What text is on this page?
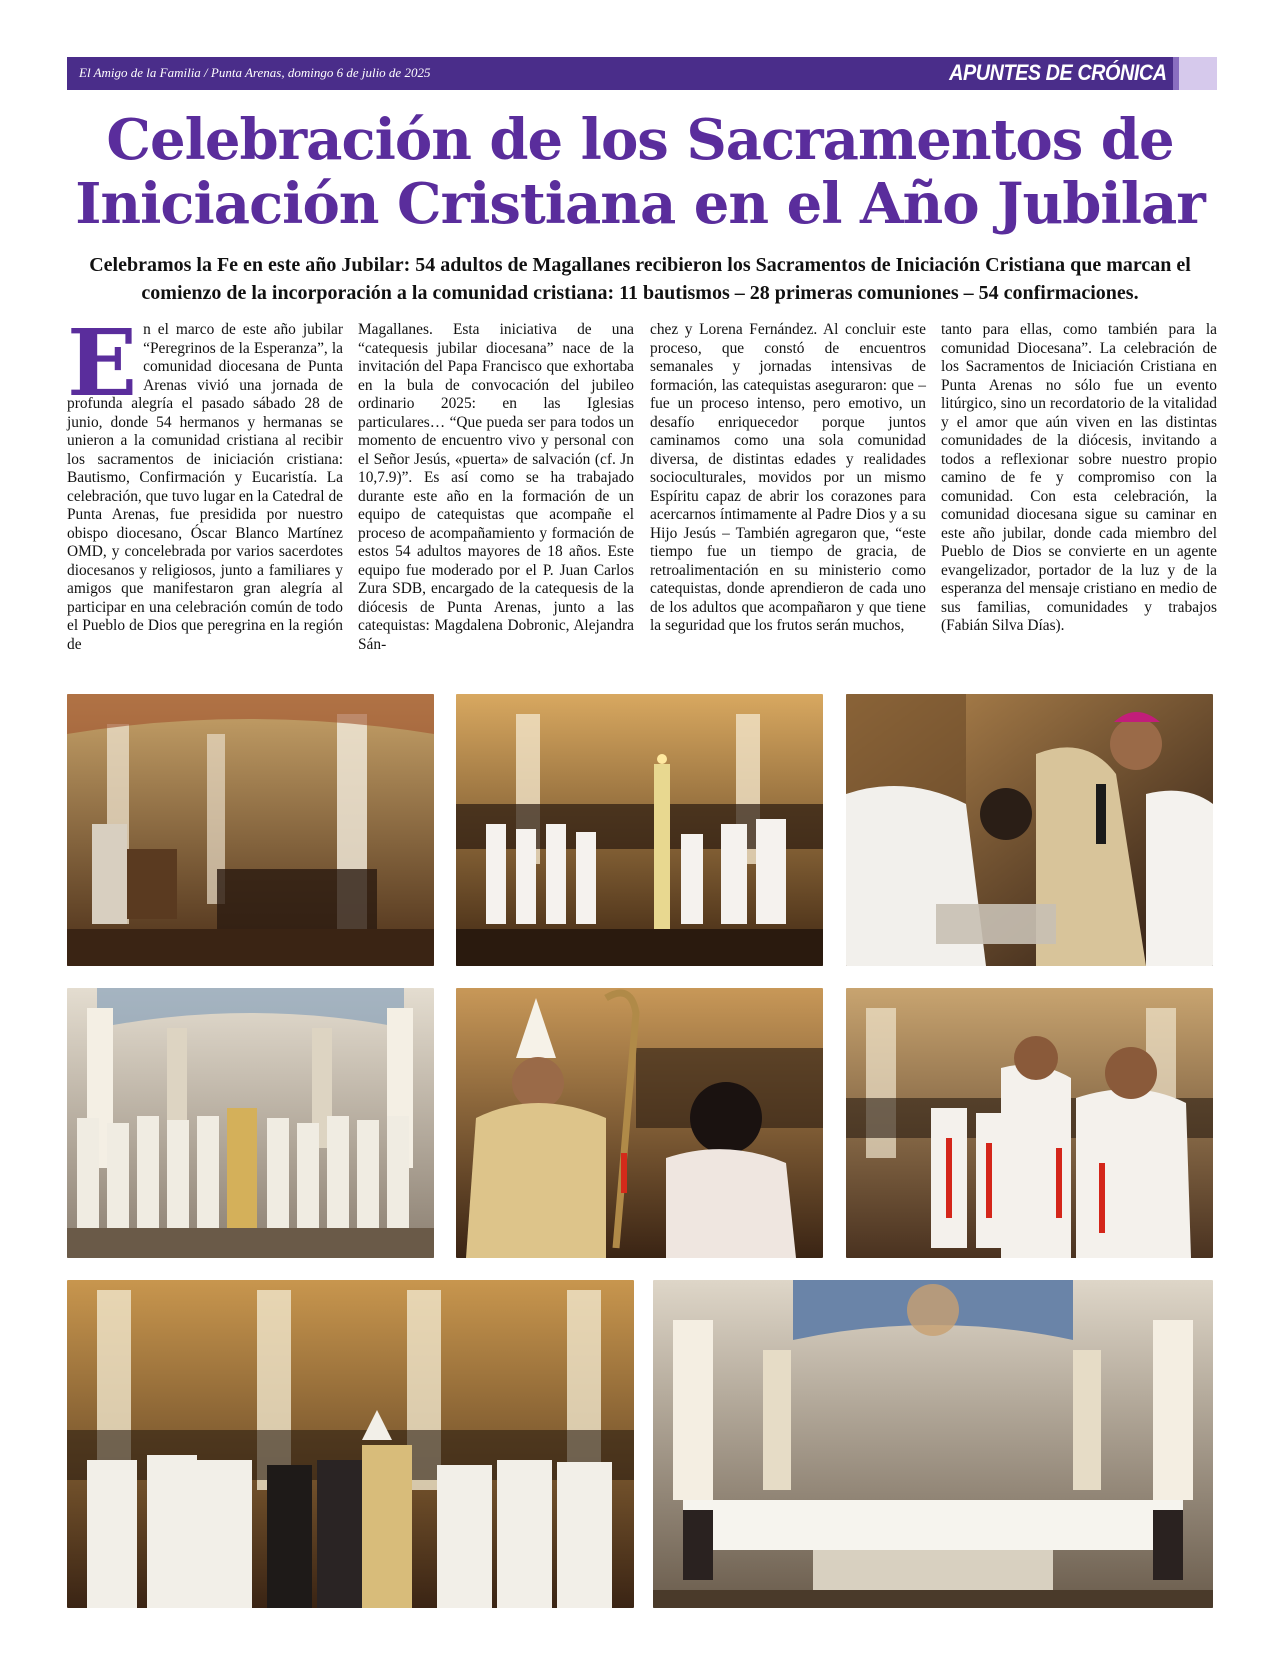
El Amigo de la Familia / Punta Arenas, domingo 6 de julio de 2025	APUNTES DE CRÓNICA
Celebración de los Sacramentos de
Iniciación Cristiana en el Año Jubilar

Celebramos la Fe en este año Jubilar: 54 adultos de Magallanes recibieron los Sacramentos de Iniciación Cristiana que marcan el comienzo de la incorporación a la comunidad cristiana: 11 bautismos – 28 primeras comuniones – 54 confirmaciones.

E n el marco de este año jubilar “Peregrinos de la Esperanza”, la comunidad diocesana de Punta Arenas vivió una jornada de profunda alegría el pasado sábado 28 de junio, donde 54 hermanos y hermanas se unieron a la comunidad cristiana al recibir los sacramentos de iniciación cristiana: Bautismo, Confirmación y Eucaristía. La celebración, que tuvo lugar en la Catedral de Punta Arenas, fue presidida por nuestro obispo diocesano, Óscar Blanco Martínez OMD, y concelebrada por varios sacerdotes diocesanos y religiosos, junto a familiares y amigos que manifestaron gran alegría al participar en una celebración común de todo el Pueblo de Dios que peregrina en la región de

Magallanes. Esta iniciativa de una “catequesis jubilar diocesana” nace de la invitación del Papa Francisco que exhortaba en la bula de convocación del jubileo ordinario 2025: en las Iglesias particulares… “Que pueda ser para todos un momento de encuentro vivo y personal con el Señor Jesús, «puerta» de salvación (cf. Jn 10,7.9)”. Es así como se ha trabajado durante este año en la formación de un equipo de catequistas que acompañe el proceso de acompañamiento y formación de estos 54 adultos mayores de 18 años. Este equipo fue moderado por el P. Juan Carlos Zura SDB, encargado de la catequesis de la diócesis de Punta Arenas, junto a las catequistas: Magdalena Dobronic, Alejandra Sán-

chez y Lorena Fernández. Al concluir este proceso, que constó de encuentros semanales y jornadas intensivas de formación, las catequistas aseguraron: que – fue un proceso intenso, pero emotivo, un desafío enriquecedor porque juntos caminamos como una sola comunidad diversa, de distintas edades y realidades socioculturales, movidos por un mismo Espíritu capaz de abrir los corazones para acercarnos íntimamente al Padre Dios y a su Hijo Jesús – También agregaron que, “este tiempo fue un tiempo de gracia, de retroalimentación en su ministerio como catequistas, donde aprendieron de cada uno de los adultos que acompañaron y que tiene la seguridad que los frutos serán muchos,

tanto para ellas, como también para la comunidad Diocesana”. La celebración de los Sacramentos de Iniciación Cristiana en Punta Arenas no sólo fue un evento litúrgico, sino un recordatorio de la vitalidad y el amor que aún viven en las distintas comunidades de la diócesis, invitando a todos a reflexionar sobre nuestro propio camino de fe y compromiso con la comunidad. Con esta celebración, la comunidad diocesana sigue su caminar en este año jubilar, donde cada miembro del Pueblo de Dios se convierte en un agente evangelizador, portador de la luz y de la esperanza del mensaje cristiano en medio de sus familias, comunidades y trabajos (Fabián Silva Días).
